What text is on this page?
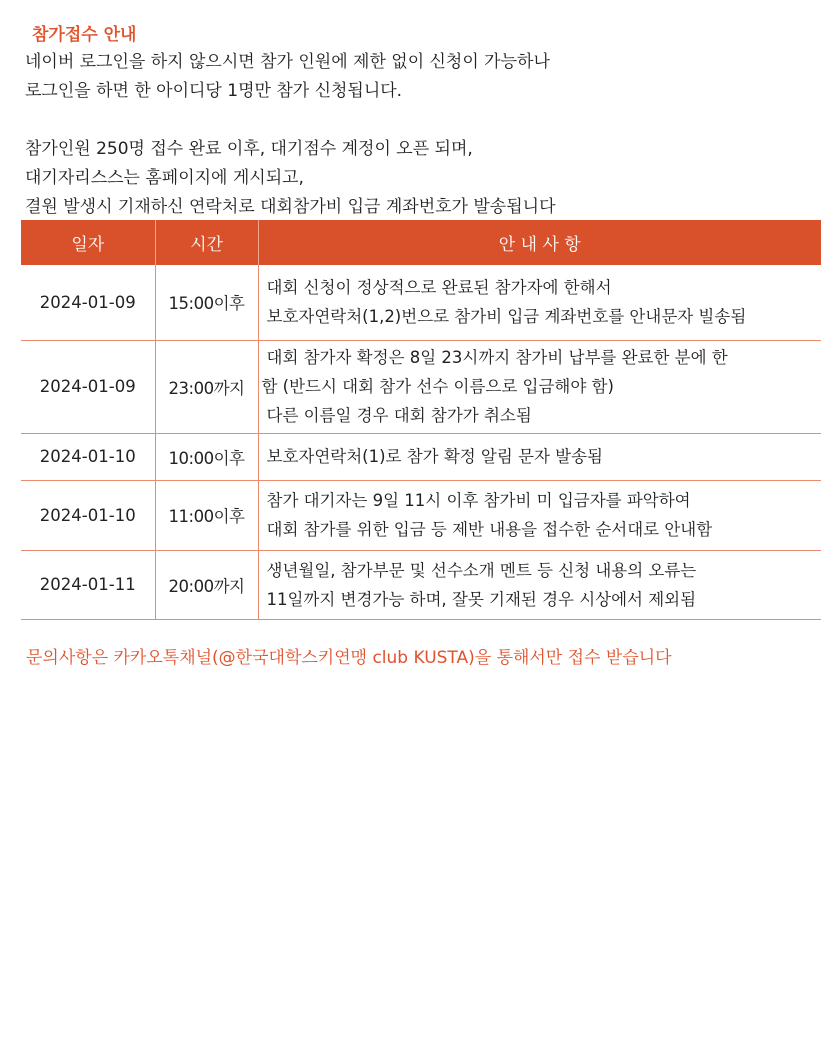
참가접수 안내

네이버 로그인을 하지 않으시면 참가 인원에 제한 없이 신청이 가능하나

로그인을 하면 한 아이디당 1명만 참가 신청됩니다.

참가인원 250명 접수 완료 이후, 대기점수 계정이 오픈 되며,

대기자리스스는 홈페이지에 게시되고,

결원 발생시 기재하신 연락처로 대회참가비 입금 계좌번호가 발송됩니다

일자	시간	안 내 사 항
2024-01-09	15:00이후	대회 신청이 정상적으로 완료된 참가자에 한해서
보호자연락처(1,2)번으로 참가비 입금 계좌번호를 안내문자 빌송됨

2024-01-09	23:00까지	대회 참가자 확정은 8일 23시까지 참가비 납부를 완료한 분에 한
함 (반드시 대회 참가 선수 이름으로 입금해야 함)
다른 이름일 경우 대회 참가가 취소됨

2024-01-10	10:00이후	보호자연락처(1)로 참가 확정 알림 문자 발송됨

2024-01-10	11:00이후	참가 대기자는 9일 11시 이후 참가비 미 입금자를 파악하여
대회 참가를 위한 입금 등 제반 내용을 접수한 순서대로 안내함

2024-01-11	20:00까지	생년월일, 참가부문 및 선수소개 멘트 등 신청 내용의 오류는
11일까지 변경가능 하며, 잘못 기재된 경우 시상에서 제외됨
문의사항은 카카오톡채널(@한국대학스키연맹 club KUSTA)을 통해서만 접수 받습니다
